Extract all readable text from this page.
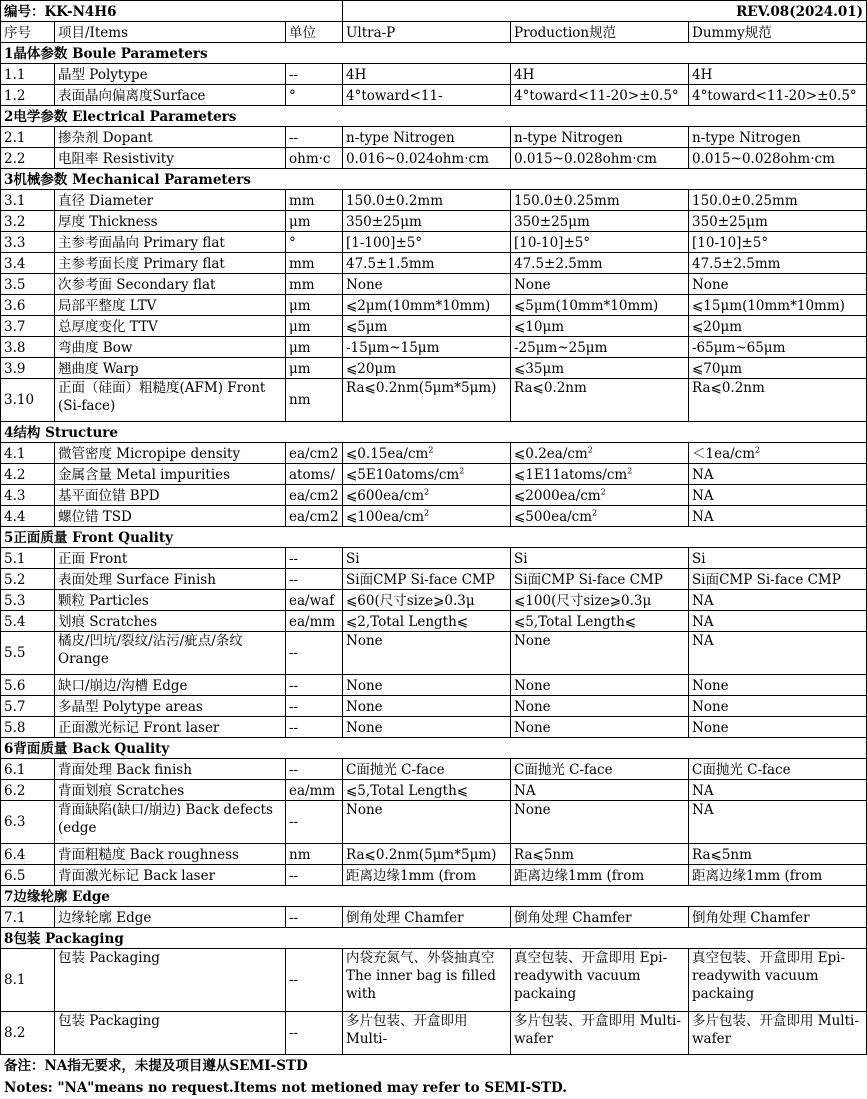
编号：KK-N4H6			REV.08(2024.01)		
序号	项目/Items	单位	Ultra-P	Production规范	Dummy规范
1晶体参数 Boule Parameters					
1.1	晶型 Polytype	--	4H	4H	4H
1.2	表面晶向偏离度Surface	°	4°toward<11-	4°toward<11-20>±0.5°	4°toward<11-20>±0.5°
2电学参数 Electrical Parameters					
2.1	掺杂剂 Dopant	--	n-type Nitrogen	n-type Nitrogen	n-type Nitrogen
2.2	电阻率 Resistivity	ohm·c	0.016~0.024ohm·cm	0.015~0.028ohm·cm	0.015~0.028ohm·cm
3机械参数 Mechanical Parameters					
3.1	直径 Diameter	mm	150.0±0.2mm	150.0±0.25mm	150.0±0.25mm
3.2	厚度 Thickness	μm	350±25μm	350±25μm	350±25μm
3.3	主参考面晶向 Primary flat	°	[1-100]±5°	[10-10]±5°	[10-10]±5°
3.4	主参考面长度 Primary flat	mm	47.5±1.5mm	47.5±2.5mm	47.5±2.5mm
3.5	次参考面 Secondary flat	mm	None	None	None
3.6	局部平整度 LTV	μm	⩽2μm(10mm*10mm)	⩽5μm(10mm*10mm)	⩽15μm(10mm*10mm)
3.7	总厚度变化 TTV	μm	⩽5μm	⩽10μm	⩽20μm
3.8	弯曲度 Bow	μm	-15μm~15μm	-25μm~25μm	-65μm~65μm
3.9	翘曲度 Warp	μm	⩽20μm	⩽35μm	⩽70μm
3.10	正面（硅面）粗糙度(AFM) Front (Si-face)	nm	Ra⩽0.2nm(5μm*5μm)	Ra⩽0.2nm	Ra⩽0.2nm
4结构 Structure					
4.1	微管密度 Micropipe density	ea/cm2	$⩽0.15ea/cm^2$	$⩽0.2ea/cm^2$	$<1ea/cm^2$
4.2	金属含量 Metal impurities	atoms/	$⩽5E10atoms/cm^2$	$⩽1E11atoms/cm^2$	NA
4.3	基平面位错 BPD	ea/cm2	$⩽600ea/cm^2$	$⩽2000ea/cm^2$	NA
4.4	螺位错 TSD	ea/cm2	$⩽100ea/cm^2$	$⩽500ea/cm^2$	NA
5正面质量 Front Quality					
5.1	正面 Front	--	Si	Si	Si
5.2	表面处理 Surface Finish	--	Si面CMP Si-face CMP	Si面CMP Si-face CMP	Si面CMP Si-face CMP
5.3	颗粒 Particles	ea/waf	⩽60(尺寸size⩾0.3μ	⩽100(尺寸size⩾0.3μ	NA
5.4	划痕 Scratches	ea/mm	⩽2,Total Length⩽	⩽5,Total Length⩽	NA
5.5	橘皮/凹坑/裂纹/沾污/疵点/条纹 Orange	--	None	None	NA
5.6	缺口/崩边/沟槽 Edge	--	None	None	None
5.7	多晶型 Polytype areas	--	None	None	None
5.8	正面激光标记 Front laser	--	None	None	None
6背面质量 Back Quality					
6.1	背面处理 Back finish	--	C面抛光 C-face	C面抛光 C-face	C面抛光 C-face
6.2	背面划痕 Scratches	ea/mm	⩽5,Total Length⩽	NA	NA
6.3	背面缺陷(缺口/崩边) Back defects (edge	--	None	None	NA
6.4	背面粗糙度 Back roughness	nm	Ra⩽0.2nm(5μm*5μm)	Ra⩽5nm	Ra⩽5nm
6.5	背面激光标记 Back laser	--	距离边缘1mm (from	距离边缘1mm (from	距离边缘1mm (from
7边缘轮廓 Edge					
7.1	边缘轮廓 Edge	--	倒角处理 Chamfer	倒角处理 Chamfer	倒角处理 Chamfer
8包装 Packaging					
8.1	包装 Packaging	--	内袋充氮气、外袋抽真空 The inner bag is filled with	真空包装、开盒即用 Epi-readywith vacuum packaing	真空包装、开盒即用 Epi-readywith vacuum packaing
8.2	包装 Packaging	--	多片包装、开盒即用 Multi-	多片包装、开盒即用 Multi-wafer	多片包装、开盒即用 Multi-wafer
备注：NA指无要求，未提及项目遵从SEMI-STD
Notes: "NA"means no request.Items not metioned may refer to SEMI-STD.
